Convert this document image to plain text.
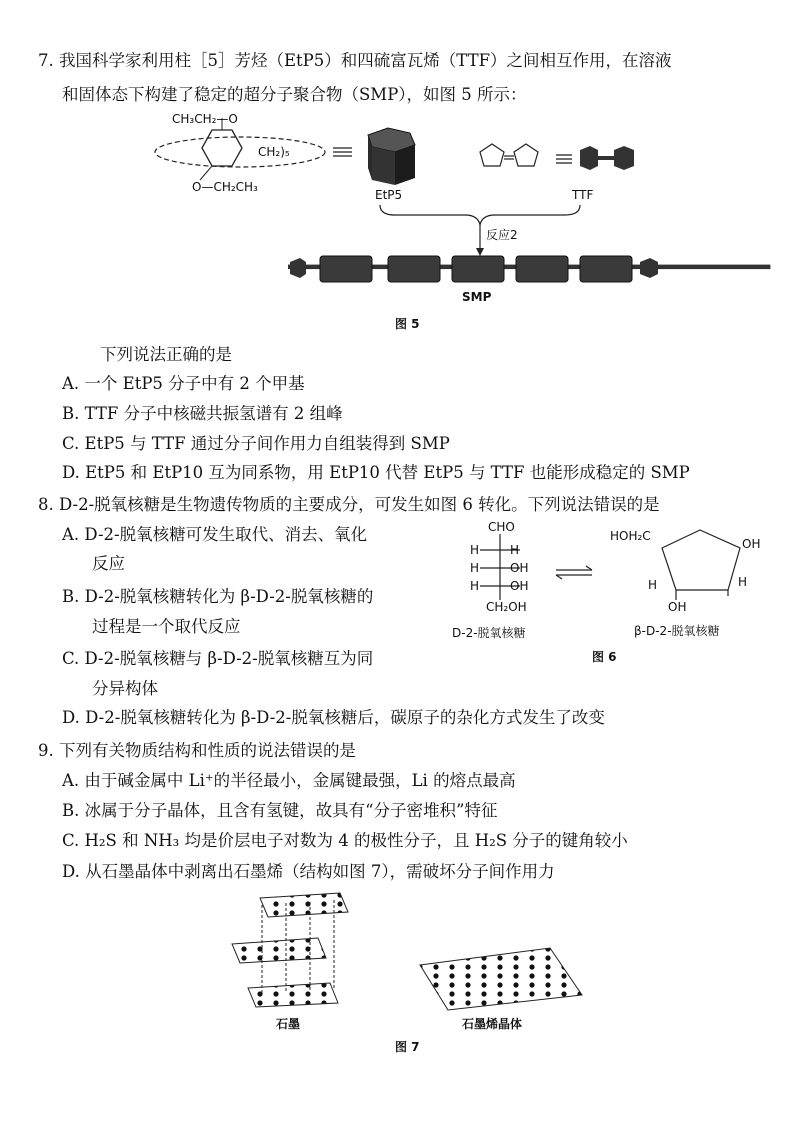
7. 我国科学家利用柱［5］芳烃（EtP5）和四硫富瓦烯（TTF）之间相互作用，在溶液
和固体态下构建了稳定的超分子聚合物（SMP），如图 5 所示：
CH₃CH₂—O
CH₂)₅
O—CH₂CH₃
EtP5	TTF
反应2
SMP
图 5
下列说法正确的是
A. 一个 EtP5 分子中有 2 个甲基
B. TTF 分子中核磁共振氢谱有 2 组峰
C. EtP5 与 TTF 通过分子间作用力自组装得到 SMP
D. EtP5 和 EtP10 互为同系物，用 EtP10 代替 EtP5 与 TTF 也能形成稳定的 SMP
8. D-2-脱氧核糖是生物遗传物质的主要成分，可发生如图 6 转化。下列说法错误的是
A. D-2-脱氧核糖可发生取代、消去、氧化
反应
B. D-2-脱氧核糖转化为 β-D-2-脱氧核糖的
过程是一个取代反应
C. D-2-脱氧核糖与 β-D-2-脱氧核糖互为同
分异构体
D. D-2-脱氧核糖转化为 β-D-2-脱氧核糖后，碳原子的杂化方式发生了改变
CHO
H	H
H	OH
H	OH
CH₂OH
D-2-脱氧核糖
HOH₂C
OH
H	H
OH
β-D-2-脱氧核糖
图 6
9. 下列有关物质结构和性质的说法错误的是
A. 由于碱金属中 Li⁺的半径最小，金属键最强，Li 的熔点最高
B. 冰属于分子晶体，且含有氢键，故具有“分子密堆积”特征
C. H₂S 和 NH₃ 均是价层电子对数为 4 的极性分子，且 H₂S 分子的键角较小
D. 从石墨晶体中剥离出石墨烯（结构如图 7），需破坏分子间作用力
石墨	石墨烯晶体
图 7
